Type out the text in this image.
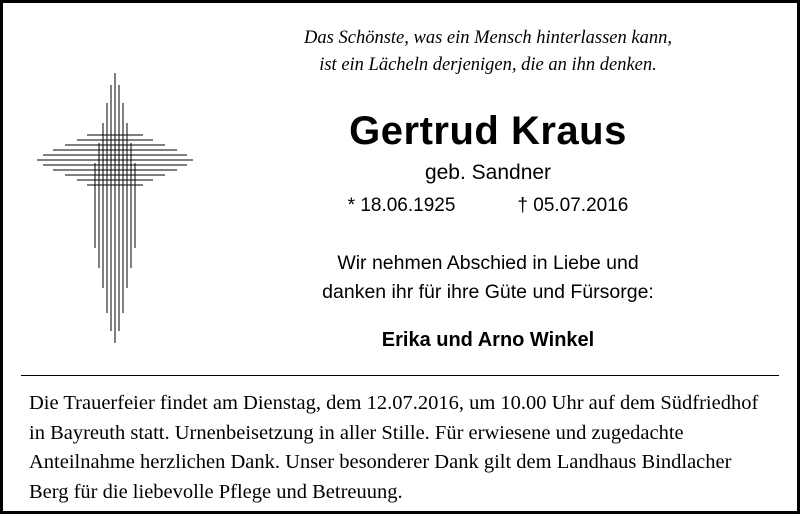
Das Schönste, was ein Mensch hinterlassen kann,
ist ein Lächeln derjenigen, die an ihn denken.
Gertrud Kraus
geb. Sandner
* 18.06.1925	† 05.07.2016
Wir nehmen Abschied in Liebe und
danken ihr für ihre Güte und Fürsorge:
Erika und Arno Winkel
Die Trauerfeier findet am Dienstag, dem 12.07.2016, um 10.00 Uhr auf dem Südfriedhof in Bayreuth statt. Urnenbeisetzung in aller Stille. Für erwiesene und zugedachte Anteilnahme herzlichen Dank. Unser besonderer Dank gilt dem Landhaus Bindlacher Berg für die liebevolle Pflege und Betreuung.
